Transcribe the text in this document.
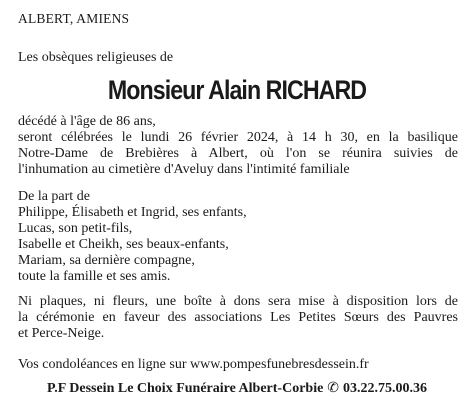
ALBERT, AMIENS
Les obsèques religieuses de
Monsieur Alain RICHARD
décédé à l'âge de 86 ans,
seront célébrées le lundi 26 février 2024, à 14 h 30, en la basilique
Notre-Dame de Brebières à Albert, où l'on se réunira suivies de
l'inhumation au cimetière d'Aveluy dans l'intimité familiale
De la part de
Philippe, Élisabeth et Ingrid, ses enfants,
Lucas, son petit-fils,
Isabelle et Cheikh, ses beaux-enfants,
Mariam, sa dernière compagne,
toute la famille et ses amis.
Ni plaques, ni fleurs, une boîte à dons sera mise à disposition lors de
la cérémonie en faveur des associations Les Petites Sœurs des Pauvres
et Perce-Neige.
Vos condoléances en ligne sur www.pompesfunebresdessein.fr
P.F Dessein Le Choix Funéraire Albert-Corbie ✆ 03.22.75.00.36
